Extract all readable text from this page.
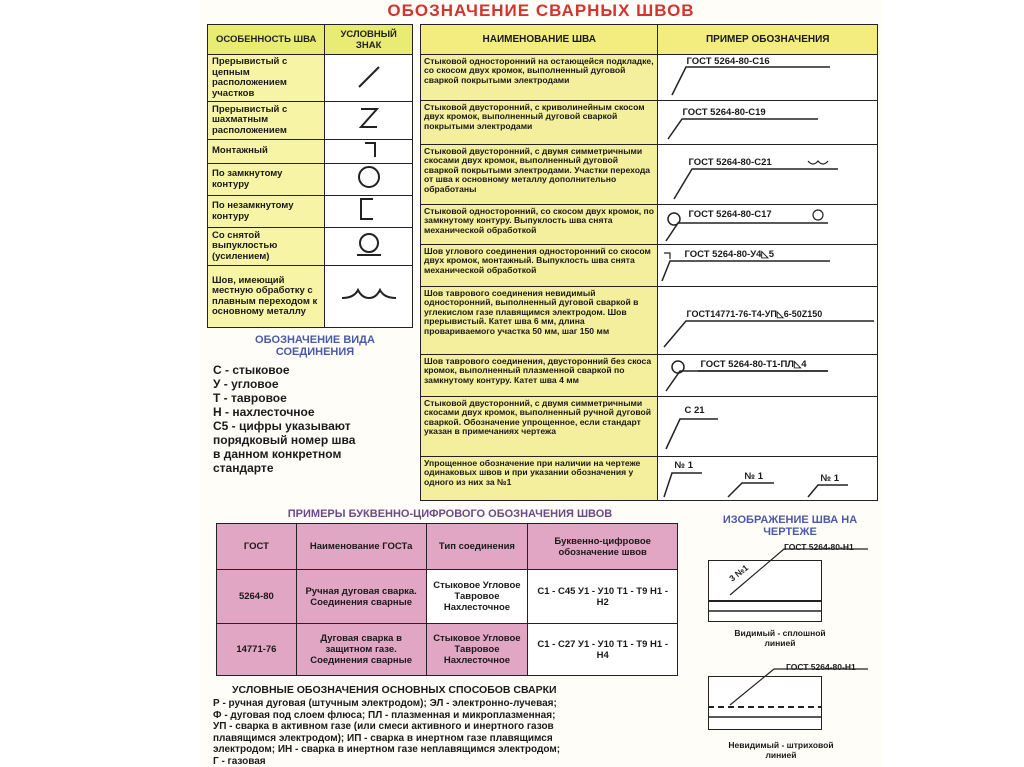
ОБОЗНАЧЕНИЕ СВАРНЫХ ШВОВ
ОСОБЕННОСТЬ ШВА	УСЛОВНЫЙ ЗНАК
Прерывистый с цепным расположением участков	
Прерывистый с шахматным расположением	
Монтажный	
По замкнутому контуру	
По незамкнутому контуру	
Со снятой выпуклостью (усилением)	
Шов, имеющий местную обработку с плавным переходом к основному металлу	
ОБОЗНАЧЕНИЕ ВИДА СОЕДИНЕНИЯ
С - стыковое
У - угловое
Т - тавровое
Н - нахлесточное
С5 - цифры указывают
порядковый номер шва
в данном конкретном
стандарте
НАИМЕНОВАНИЕ ШВА	ПРИМЕР ОБОЗНАЧЕНИЯ
Стыковой односторонний на остающейся подкладке, со скосом двух кромок, выполненный дуговой сваркой покрытыми электродами	ГОСТ 5264-80-С16

Стыковой двусторонний, с криволинейным скосом двух кромок, выполненный дуговой сваркой покрытыми электродами	ГОСТ 5264-80-С19

Стыковой двусторонний, с двумя симметричными скосами двух кромок, выполненный дуговой сваркой покрытыми электродами. Участки перехода от шва к основному металлу дополнительно обработаны	ГОСТ 5264-80-С21

Стыковой односторонний, со скосом двух кромок, по замкнутому контуру. Выпуклость шва снята механической обработкой	ГОСТ 5264-80-С17

Шов углового соединения односторонний со скосом двух кромок, монтажный. Выпуклость шва снята механической обработкой	ГОСТ 5264-80-У4◺5

Шов таврового соединения невидимый односторонний, выполненный дуговой сваркой в углекислом газе плавящимся электродом. Шов прерывистый. Катет шва 6 мм, длина провариваемого участка 50 мм, шаг 150 мм	ГОСТ14771-76-Т4-УП◺6-50Z150

Шов таврового соединения, двусторонний без скоса кромок, выполненный плазменной сваркой по замкнутому контуру. Катет шва 4 мм	ГОСТ 5264-80-Т1-ПЛ◺4

Стыковой двусторонний, с двумя симметричными скосами двух кромок, выполненный ручной дуговой сваркой. Обозначение упрощенное, если стандарт указан в примечаниях чертежа	С 21

Упрощенное обозначение при наличии на чертеже одинаковых швов и при указании обозначения у одного из них за №1	№ 1
№ 1 № 1
ПРИМЕРЫ БУКВЕННО-ЦИФРОВОГО ОБОЗНАЧЕНИЯ ШВОВ
ГОСТ	Наименование ГОСТа	Тип соединения	Буквенно-цифровое обозначение швов
5264-80	Ручная дуговая сварка. Соединения сварные	Стыковое Угловое Тавровое Нахлесточное	С1 - С45 У1 - У10 Т1 - Т9 Н1 - Н2
14771-76	Дуговая сварка в защитном газе. Соединения сварные	Стыковое Угловое Тавровое Нахлесточное	С1 - С27 У1 - У10 Т1 - Т9 Н1 - Н4
ИЗОБРАЖЕНИЕ ШВА НА ЧЕРТЕЖЕ
ГОСТ 5264-80-Н1
3 №1
Видимый - сплошной линией
ГОСТ 5264-80-Н1
Невидимый - штриховой линией
УСЛОВНЫЕ ОБОЗНАЧЕНИЯ ОСНОВНЫХ СПОСОБОВ СВАРКИ
Р - ручная дуговая (штучным электродом); ЭЛ - электронно-лучевая;
Ф - дуговая под слоем флюса; ПЛ - плазменная и микроплазменная;
УП - сварка в активном газе (или смеси активного и инертного газов
плавящимся электродом); ИП - сварка в инертном газе плавящимся
электродом; ИН - сварка в инертном газе неплавящимся электродом;
Г - газовая
